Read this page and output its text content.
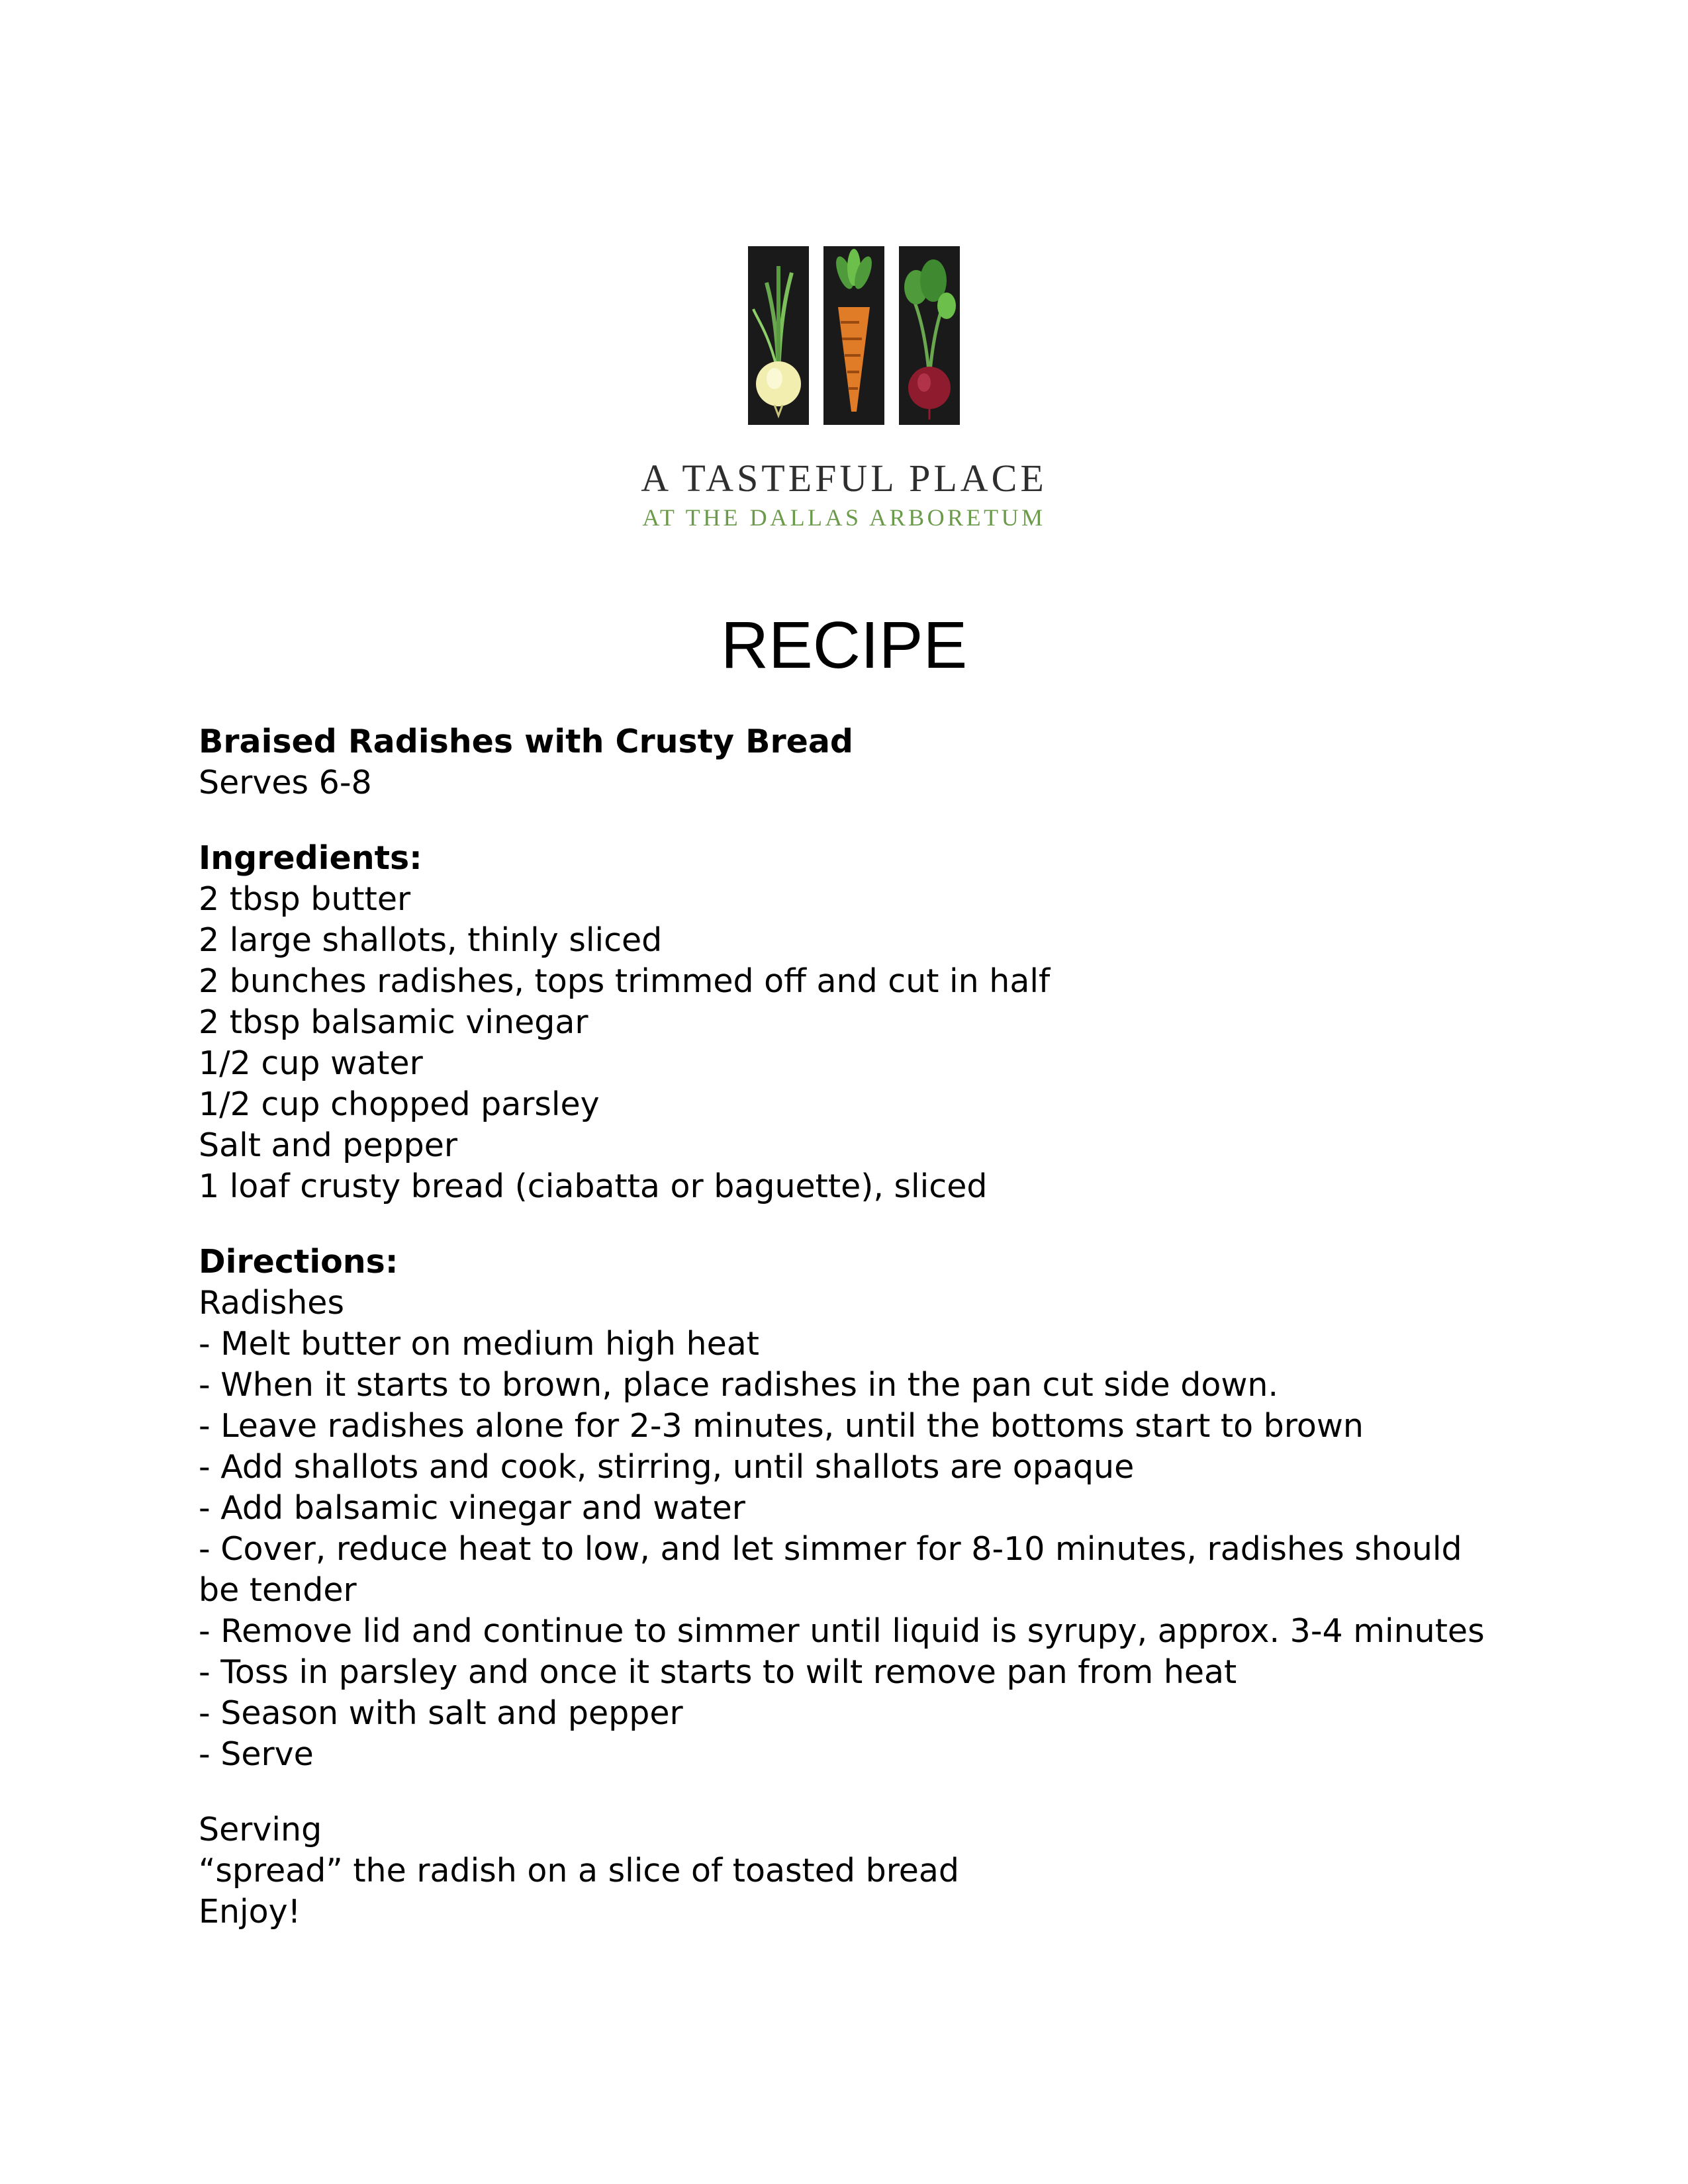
A TASTEFUL PLACE
AT THE DALLAS ARBORETUM
RECIPE

Braised Radishes with Crusty Bread

Serves 6-8

Ingredients:

2 tbsp butter
2 large shallots, thinly sliced
2 bunches radishes, tops trimmed off and cut in half
2 tbsp balsamic vinegar
1/2 cup water
1/2 cup chopped parsley
Salt and pepper
1 loaf crusty bread (ciabatta or baguette), sliced

Directions:

Radishes

- Melt butter on medium high heat
- When it starts to brown, place radishes in the pan cut side down.
- Leave radishes alone for 2-3 minutes, until the bottoms start to brown
- Add shallots and cook, stirring, until shallots are opaque
- Add balsamic vinegar and water
- Cover, reduce heat to low, and let simmer for 8-10 minutes, radishes should be tender
- Remove lid and continue to simmer until liquid is syrupy, approx. 3-4 minutes
- Toss in parsley and once it starts to wilt remove pan from heat
- Season with salt and pepper
- Serve

Serving

“spread” the radish on a slice of toasted bread

Enjoy!
